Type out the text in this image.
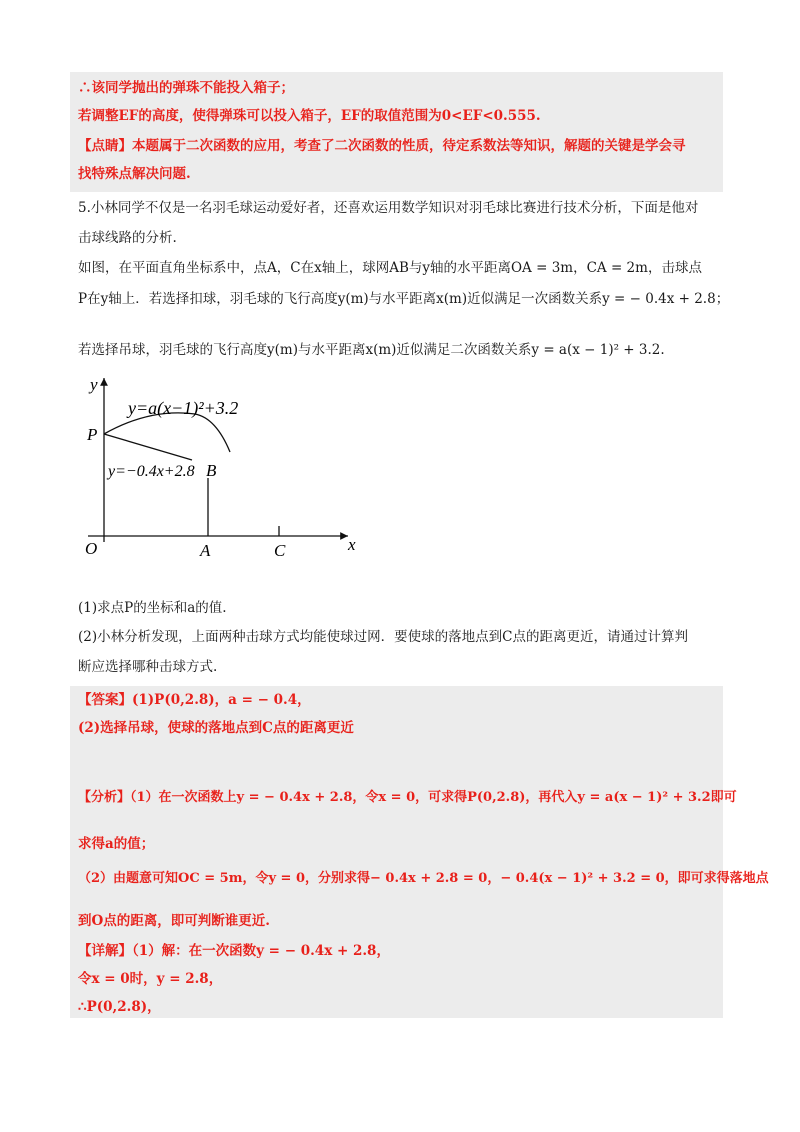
∴该同学抛出的弹珠不能投入箱子；
若调整EF的高度，使得弹珠可以投入箱子，EF的取值范围为0<EF<0.555.
【点睛】本题属于二次函数的应用，考查了二次函数的性质，待定系数法等知识，解题的关键是学会寻
找特殊点解决问题.
5.小林同学不仅是一名羽毛球运动爱好者，还喜欢运用数学知识对羽毛球比赛进行技术分析，下面是他对
击球线路的分析.
如图，在平面直角坐标系中，点A，C在x轴上，球网AB与y轴的水平距离OA = 3m，CA = 2m，击球点
P在y轴上．若选择扣球，羽毛球的飞行高度y(m)与水平距离x(m)近似满足一次函数关系y = − 0.4x + 2.8；
若选择吊球，羽毛球的飞行高度y(m)与水平距离x(m)近似满足二次函数关系y = a(x − 1)² + 3.2.
y
x
O	A	C
P
B
y=a(x−1)²+3.2
y=−0.4x+2.8
(1)求点P的坐标和a的值.
(2)小林分析发现，上面两种击球方式均能使球过网．要使球的落地点到C点的距离更近，请通过计算判
断应选择哪种击球方式.
【答案】(1)P(0,2.8)，a = − 0.4，
(2)选择吊球，使球的落地点到C点的距离更近
【分析】（1）在一次函数上y = − 0.4x + 2.8，令x = 0，可求得P(0,2.8)，再代入y = a(x − 1)² + 3.2即可
求得a的值；
（2）由题意可知OC = 5m，令y = 0，分别求得− 0.4x + 2.8 = 0，− 0.4(x − 1)² + 3.2 = 0，即可求得落地点
到O点的距离，即可判断谁更近.
【详解】（1）解：在一次函数y = − 0.4x + 2.8，
令x = 0时，y = 2.8，
∴P(0,2.8)，
